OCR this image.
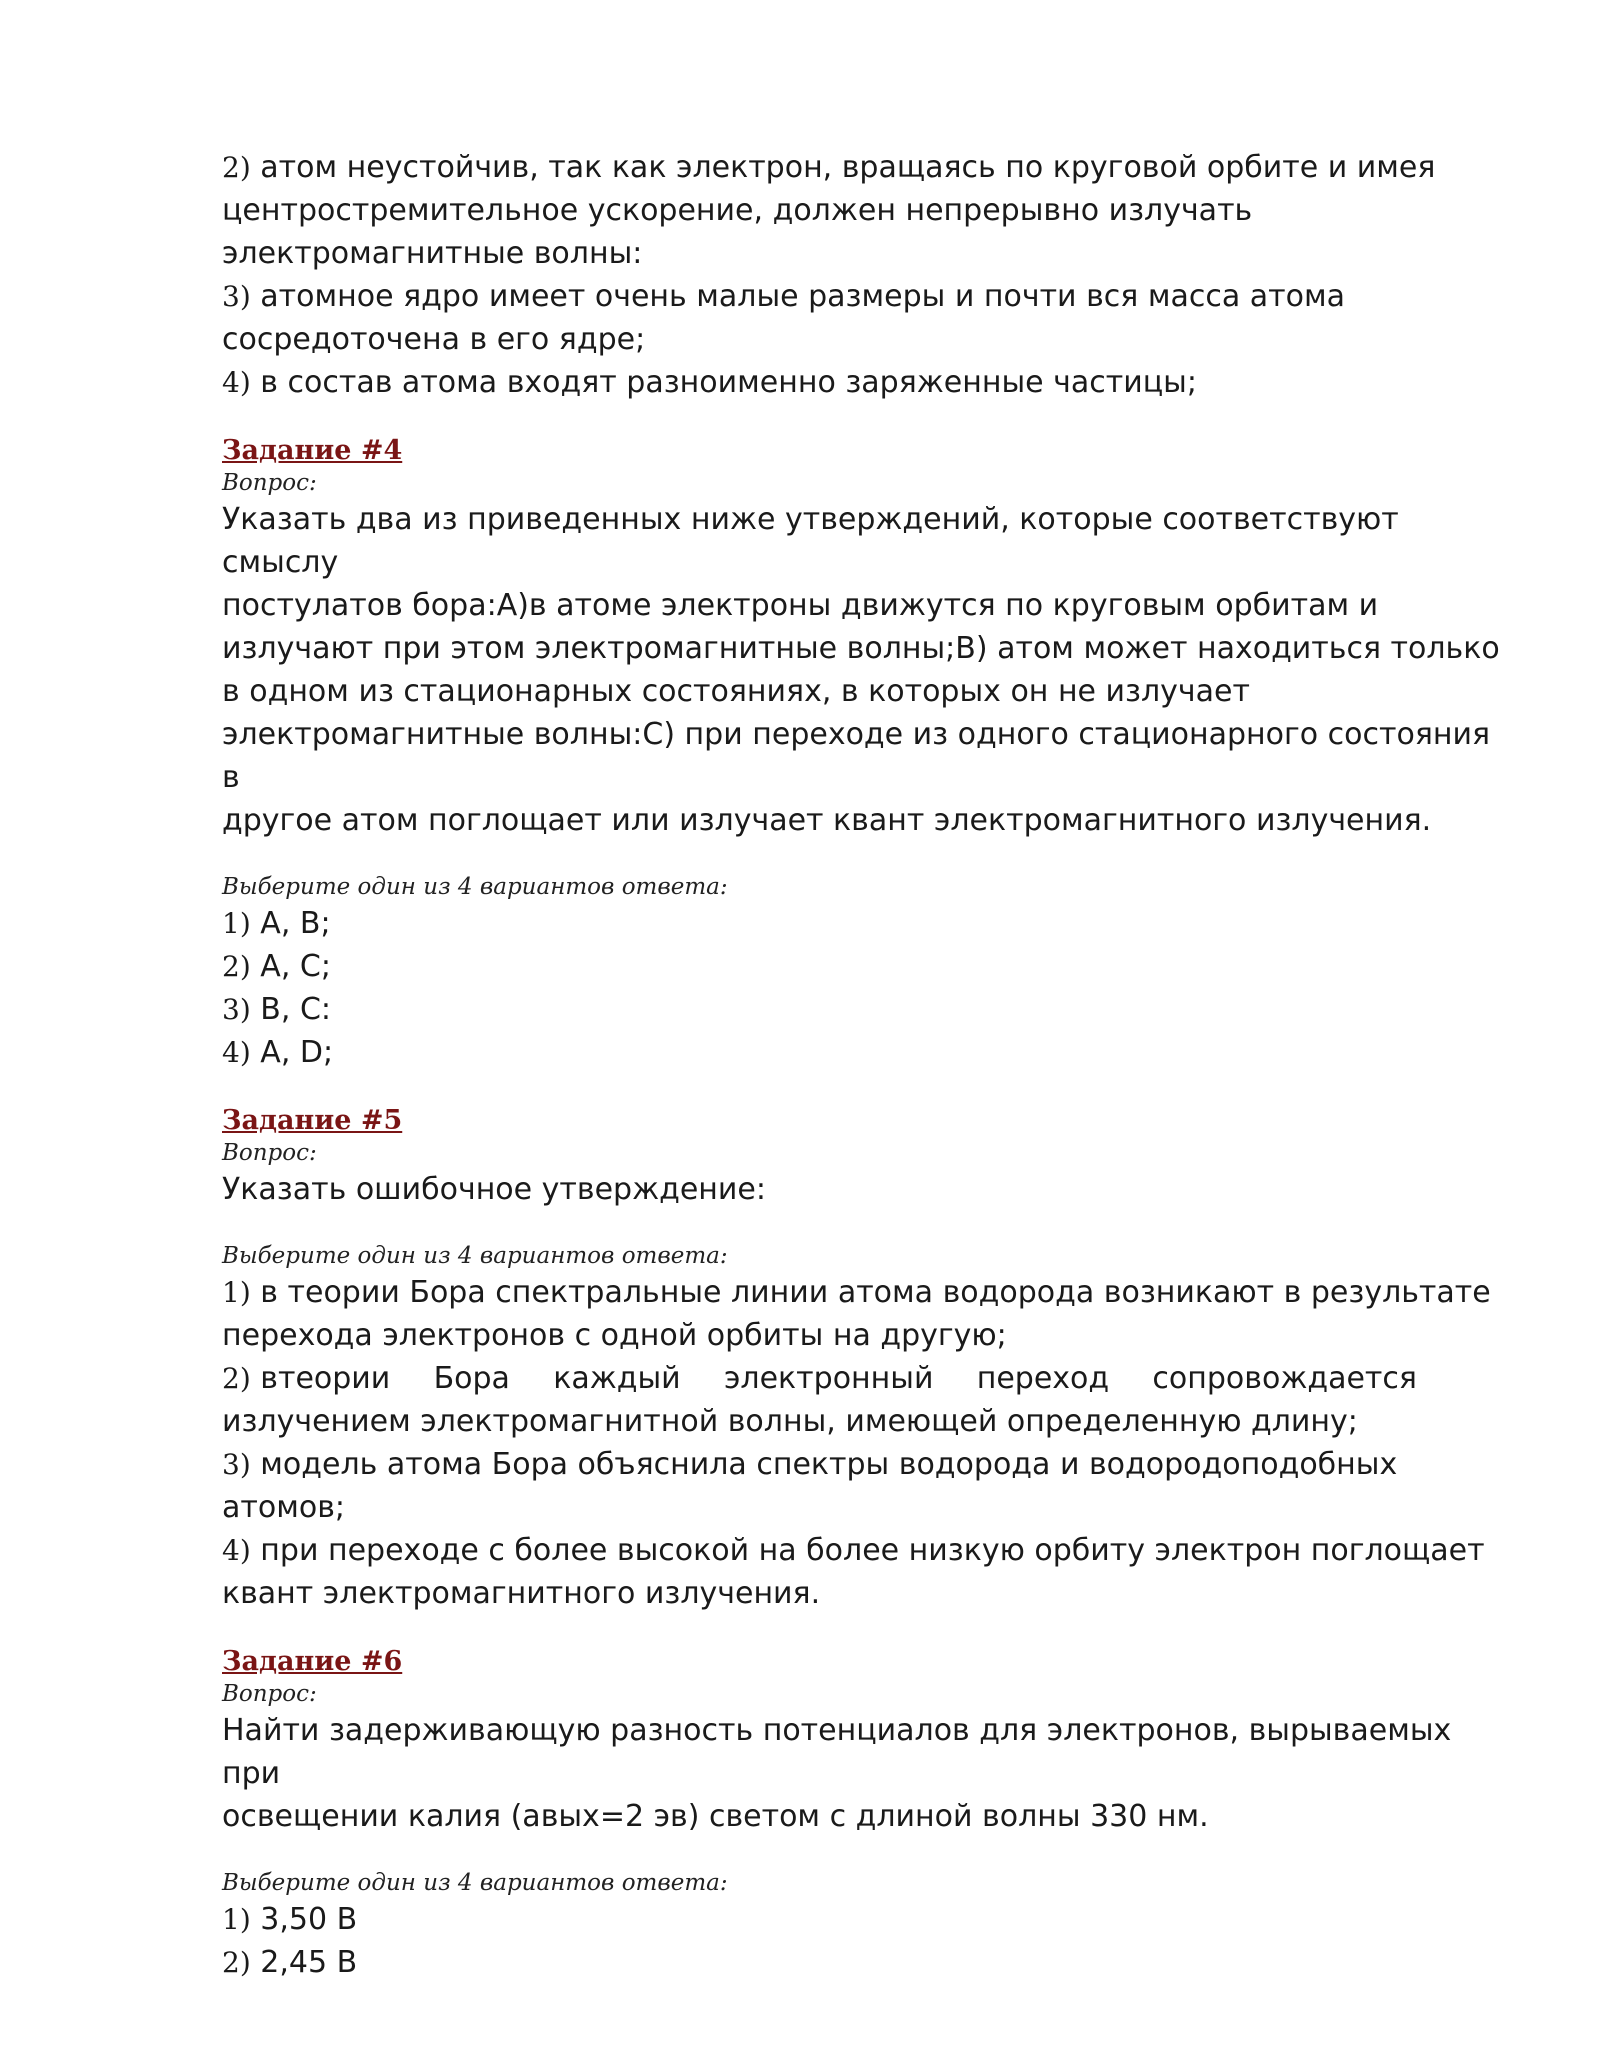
2) атом неустойчив, так как электрон, вращаясь по круговой орбите и имея

центростремительное ускорение, должен непрерывно излучать

электромагнитные волны:

3) атомное ядро имеет очень малые размеры и почти вся масса атома

сосредоточена в его ядре;

4) в состав атома входят разноименно заряженные частицы;

Задание #4

Вопрос:

Указать два из приведенных ниже утверждений, которые соответствуют смыслу

постулатов бора:А)в атоме электроны движутся по круговым орбитам и

излучают при этом электромагнитные волны;В) атом может находиться только

в одном из стационарных состояниях, в которых он не излучает

электромагнитные волны:С) при переходе из одного стационарного состояния в

другое атом поглощает или излучает квант электромагнитного излучения.

Выберите один из 4 вариантов ответа:

1) A, B;

2) A, C;

3) B, C:

4) A, D;

Задание #5

Вопрос:

Указать ошибочное утверждение:

Выберите один из 4 вариантов ответа:

1) в теории Бора спектральные линии атома водорода возникают в результате

перехода электронов с одной орбиты на другую;

2) втеории Бора каждый электронный переход сопровождается

излучением электромагнитной волны, имеющей определенную длину;

3) модель атома Бора объяснила спектры водорода и водородоподобных

атомов;

4) при переходе с более высокой на более низкую орбиту электрон поглощает

квант электромагнитного излучения.

Задание #6

Вопрос:

Найти задерживающую разность потенциалов для электронов, вырываемых при

освещении калия (авых=2 эв) светом с длиной волны 330 нм.

Выберите один из 4 вариантов ответа:

1) 3,50 В

2) 2,45 В
